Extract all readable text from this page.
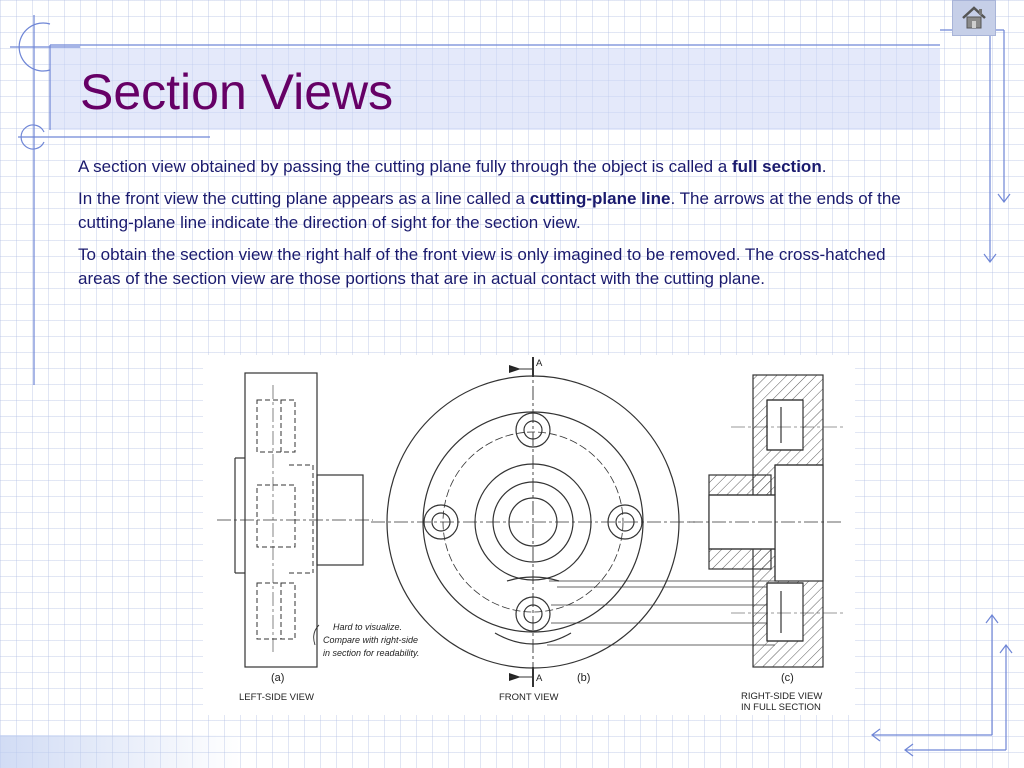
Section Views

A section view obtained by passing the cutting plane fully through the object is called a full section.

In the front view the cutting plane appears as a line called a cutting-plane line. The arrows at the ends of the cutting-plane line indicate the direction of sight for the section view.

To obtain the section view the right half of the front view is only imagined to be removed. The cross-hatched areas of the section view are those portions that are in actual contact with the cutting plane.

A
A
(a)	(b)	(c)
LEFT-SIDE VIEW	FRONT VIEW	RIGHT-SIDE VIEW
IN FULL SECTION
Hard to visualize.
Compare with right-side
in section for readability.
